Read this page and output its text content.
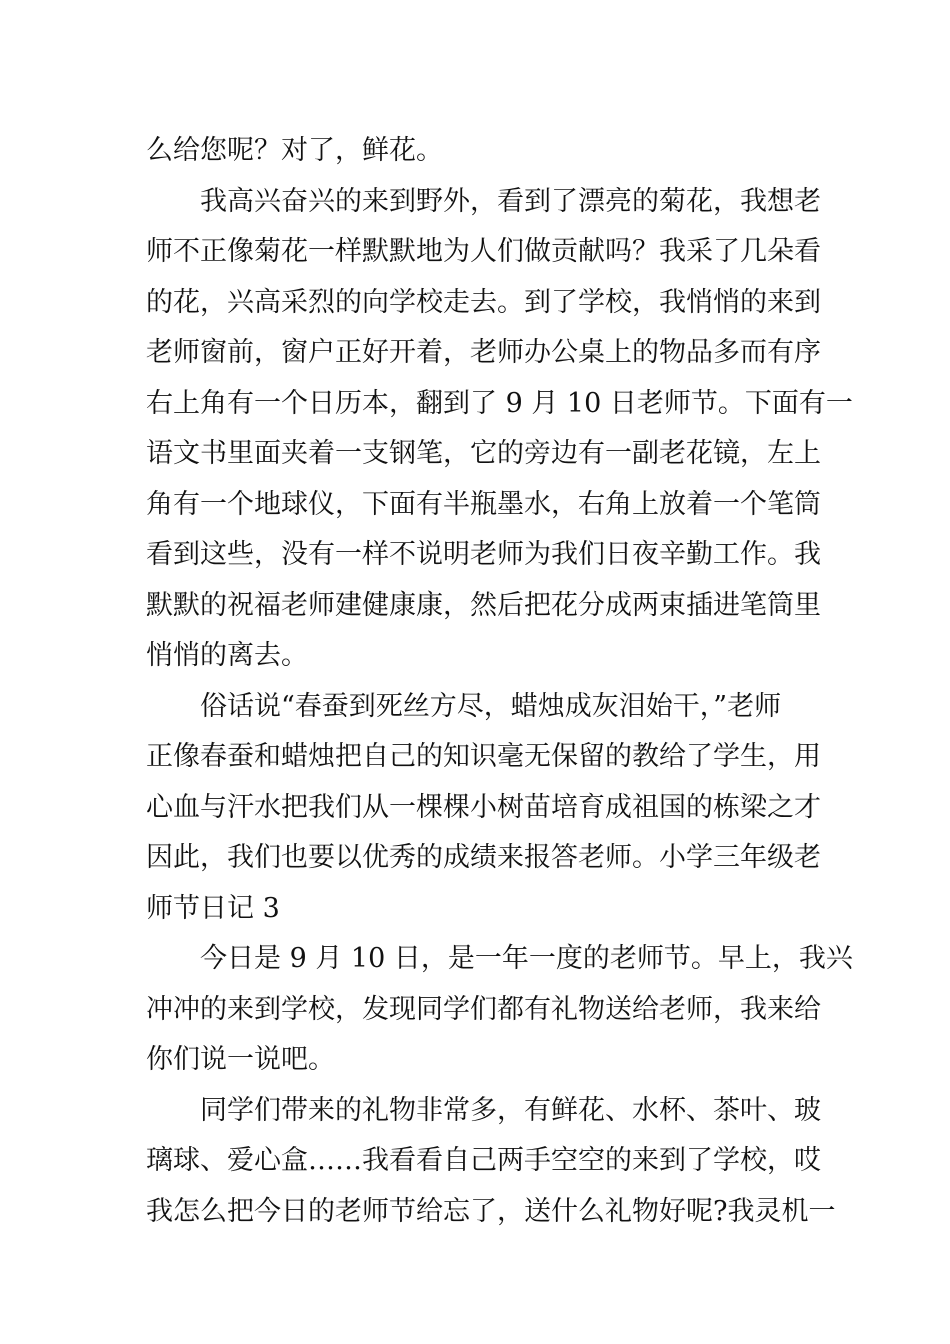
么给您呢？对了，鲜花。
我高兴奋兴的来到野外，看到了漂亮的菊花，我想老
师不正像菊花一样默默地为人们做贡献吗？我采了几朵看
的花，兴高采烈的向学校走去。到了学校，我悄悄的来到
老师窗前，窗户正好开着，老师办公桌上的物品多而有序
右上角有一个日历本，翻到了 9 月 10 日老师节。下面有一
语文书里面夹着一支钢笔，它的旁边有一副老花镜，左上
角有一个地球仪，下面有半瓶墨水，右角上放着一个笔筒
看到这些，没有一样不说明老师为我们日夜辛勤工作。我
默默的祝福老师建健康康，然后把花分成两束插进笔筒里
悄悄的离去。
俗话说“春蚕到死丝方尽，蜡烛成灰泪始干，”老师
正像春蚕和蜡烛把自己的知识毫无保留的教给了学生，用
心血与汗水把我们从一棵棵小树苗培育成祖国的栋梁之才
因此，我们也要以优秀的成绩来报答老师。小学三年级老
师节日记 3
今日是 9 月 10 日，是一年一度的老师节。早上，我兴
冲冲的来到学校，发现同学们都有礼物送给老师，我来给
你们说一说吧。
同学们带来的礼物非常多，有鲜花、水杯、茶叶、玻
璃球、爱心盒……我看看自己两手空空的来到了学校，哎
我怎么把今日的老师节给忘了，送什么礼物好呢?我灵机一
